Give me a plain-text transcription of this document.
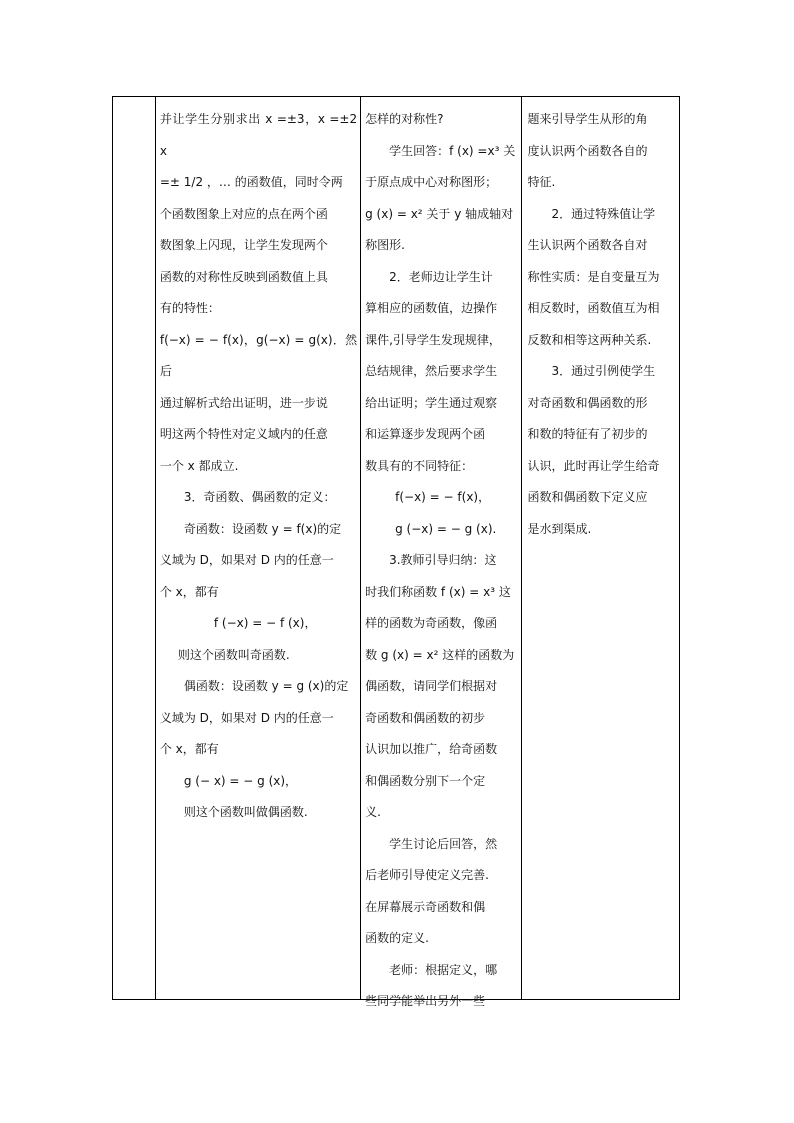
并让学生分别求出 x =±3，x =±2 x

=± 1/2 ，… 的函数值，同时令两

个函数图象上对应的点在两个函

数图象上闪现，让学生发现两个

函数的对称性反映到函数值上具

有的特性：

f(−x) = − f(x)，g(−x) = g(x)．然后

通过解析式给出证明，进一步说

明这两个特性对定义域内的任意

一个 x 都成立.

3．奇函数、偶函数的定义：

奇函数：设函数 y = f(x)的定

义域为 D，如果对 D 内的任意一

个 x，都有

f (−x) = − f (x)，

则这个函数叫奇函数.

偶函数：设函数 y = g (x)的定

义域为 D，如果对 D 内的任意一

个 x，都有

g (− x) = − g (x)，

则这个函数叫做偶函数.

怎样的对称性?

学生回答：f (x) =x³ 关

于原点成中心对称图形；

g (x) = x² 关于 y 轴成轴对

称图形.

2．老师边让学生计

算相应的函数值，边操作

课件,引导学生发现规律，

总结规律，然后要求学生

给出证明；学生通过观察

和运算逐步发现两个函

数具有的不同特征：

f(−x) = − f(x)，

g (−x) = − g (x).

3.教师引导归纳：这

时我们称函数 f (x) = x³ 这

样的函数为奇函数，像函

数 g (x) = x² 这样的函数为

偶函数，请同学们根据对

奇函数和偶函数的初步

认识加以推广，给奇函数

和偶函数分别下一个定

义.

学生讨论后回答，然

后老师引导使定义完善.

在屏幕展示奇函数和偶

函数的定义.

老师：根据定义，哪

些同学能举出另外一些

题来引导学生从形的角

度认识两个函数各自的

特征.

2．通过特殊值让学

生认识两个函数各自对

称性实质：是自变量互为

相反数时，函数值互为相

反数和相等这两种关系.

3．通过引例使学生

对奇函数和偶函数的形

和数的特征有了初步的

认识，此时再让学生给奇

函数和偶函数下定义应

是水到渠成.
